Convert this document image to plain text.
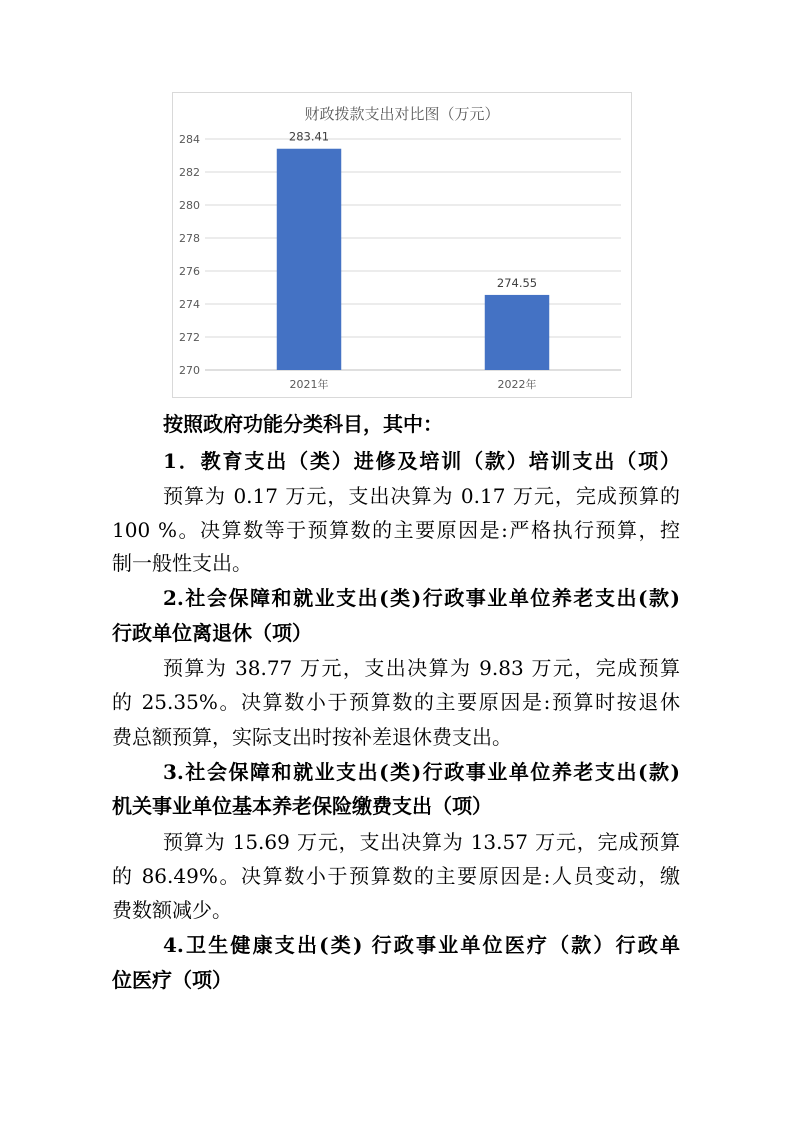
财政拨款支出对比图（万元）
270
272
274
276
278
280
282
284	283.41
2021年
274.55
2022年
按照政府功能分类科目，其中：
1．教育支出（类）进修及培训（款）培训支出（项）
预算为 0.17 万元，支出决算为 0.17 万元，完成预算的
100 %。决算数等于预算数的主要原因是:严格执行预算，控
制一般性支出。
2.社会保障和就业支出(类)行政事业单位养老支出(款)
行政单位离退休（项）
预算为 38.77 万元，支出决算为 9.83 万元，完成预算
的 25.35%。决算数小于预算数的主要原因是:预算时按退休
费总额预算，实际支出时按补差退休费支出。
3.社会保障和就业支出(类)行政事业单位养老支出(款)
机关事业单位基本养老保险缴费支出（项）
预算为 15.69 万元，支出决算为 13.57 万元，完成预算
的 86.49%。决算数小于预算数的主要原因是:人员变动，缴
费数额减少。
4.卫生健康支出(类) 行政事业单位医疗（款）行政单
位医疗（项）
